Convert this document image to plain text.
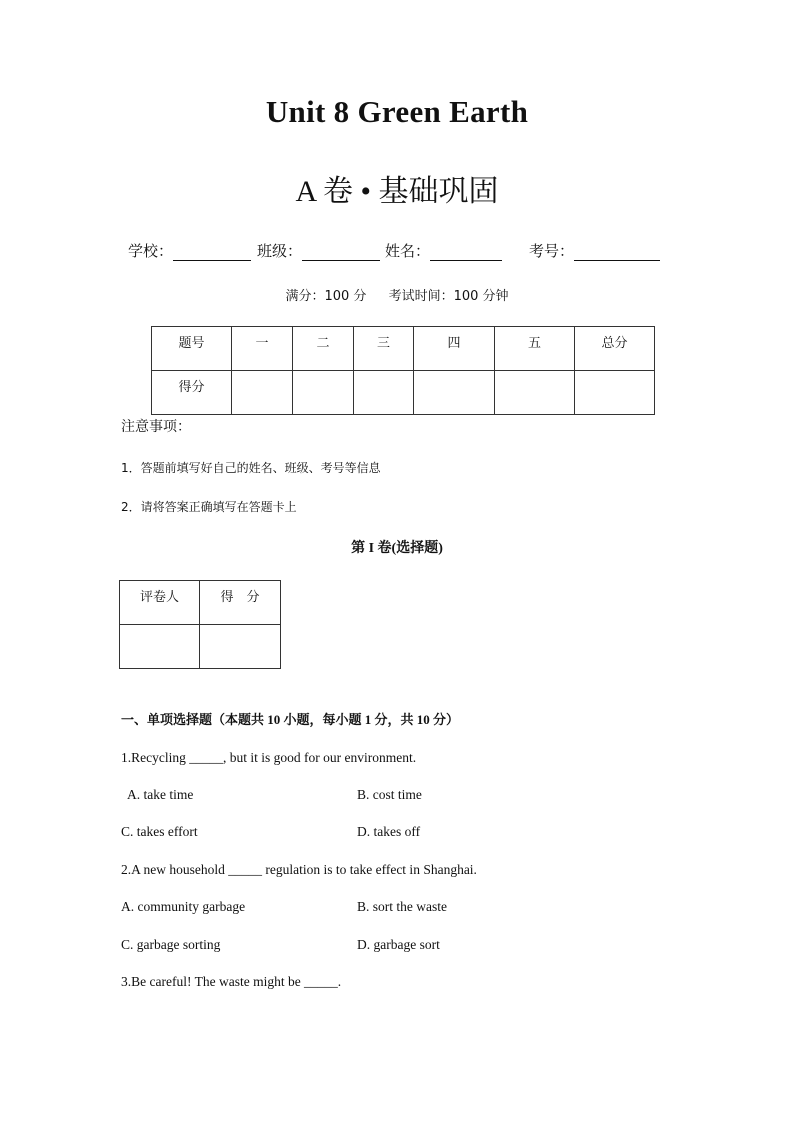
Unit 8 Green Earth
A 卷 • 基础巩固
学校：	班级：	姓名：	考号：
满分：100 分 考试时间：100 分钟
题号	一	二	三	四	五	总分
得分						
注意事项：
1．答题前填写好自己的姓名、班级、考号等信息
2．请将答案正确填写在答题卡上
第 I 卷(选择题)
评卷人	得　分

一、单项选择题（本题共 10 小题，每小题 1 分，共 10 分）
1.Recycling _____, but it is good for our environment.
A. take time	B. cost time
C. takes effort	D. takes off
2.A new household _____ regulation is to take effect in Shanghai.
A. community garbage	B. sort the waste
C. garbage sorting	D. garbage sort
3.Be careful! The waste might be _____.
